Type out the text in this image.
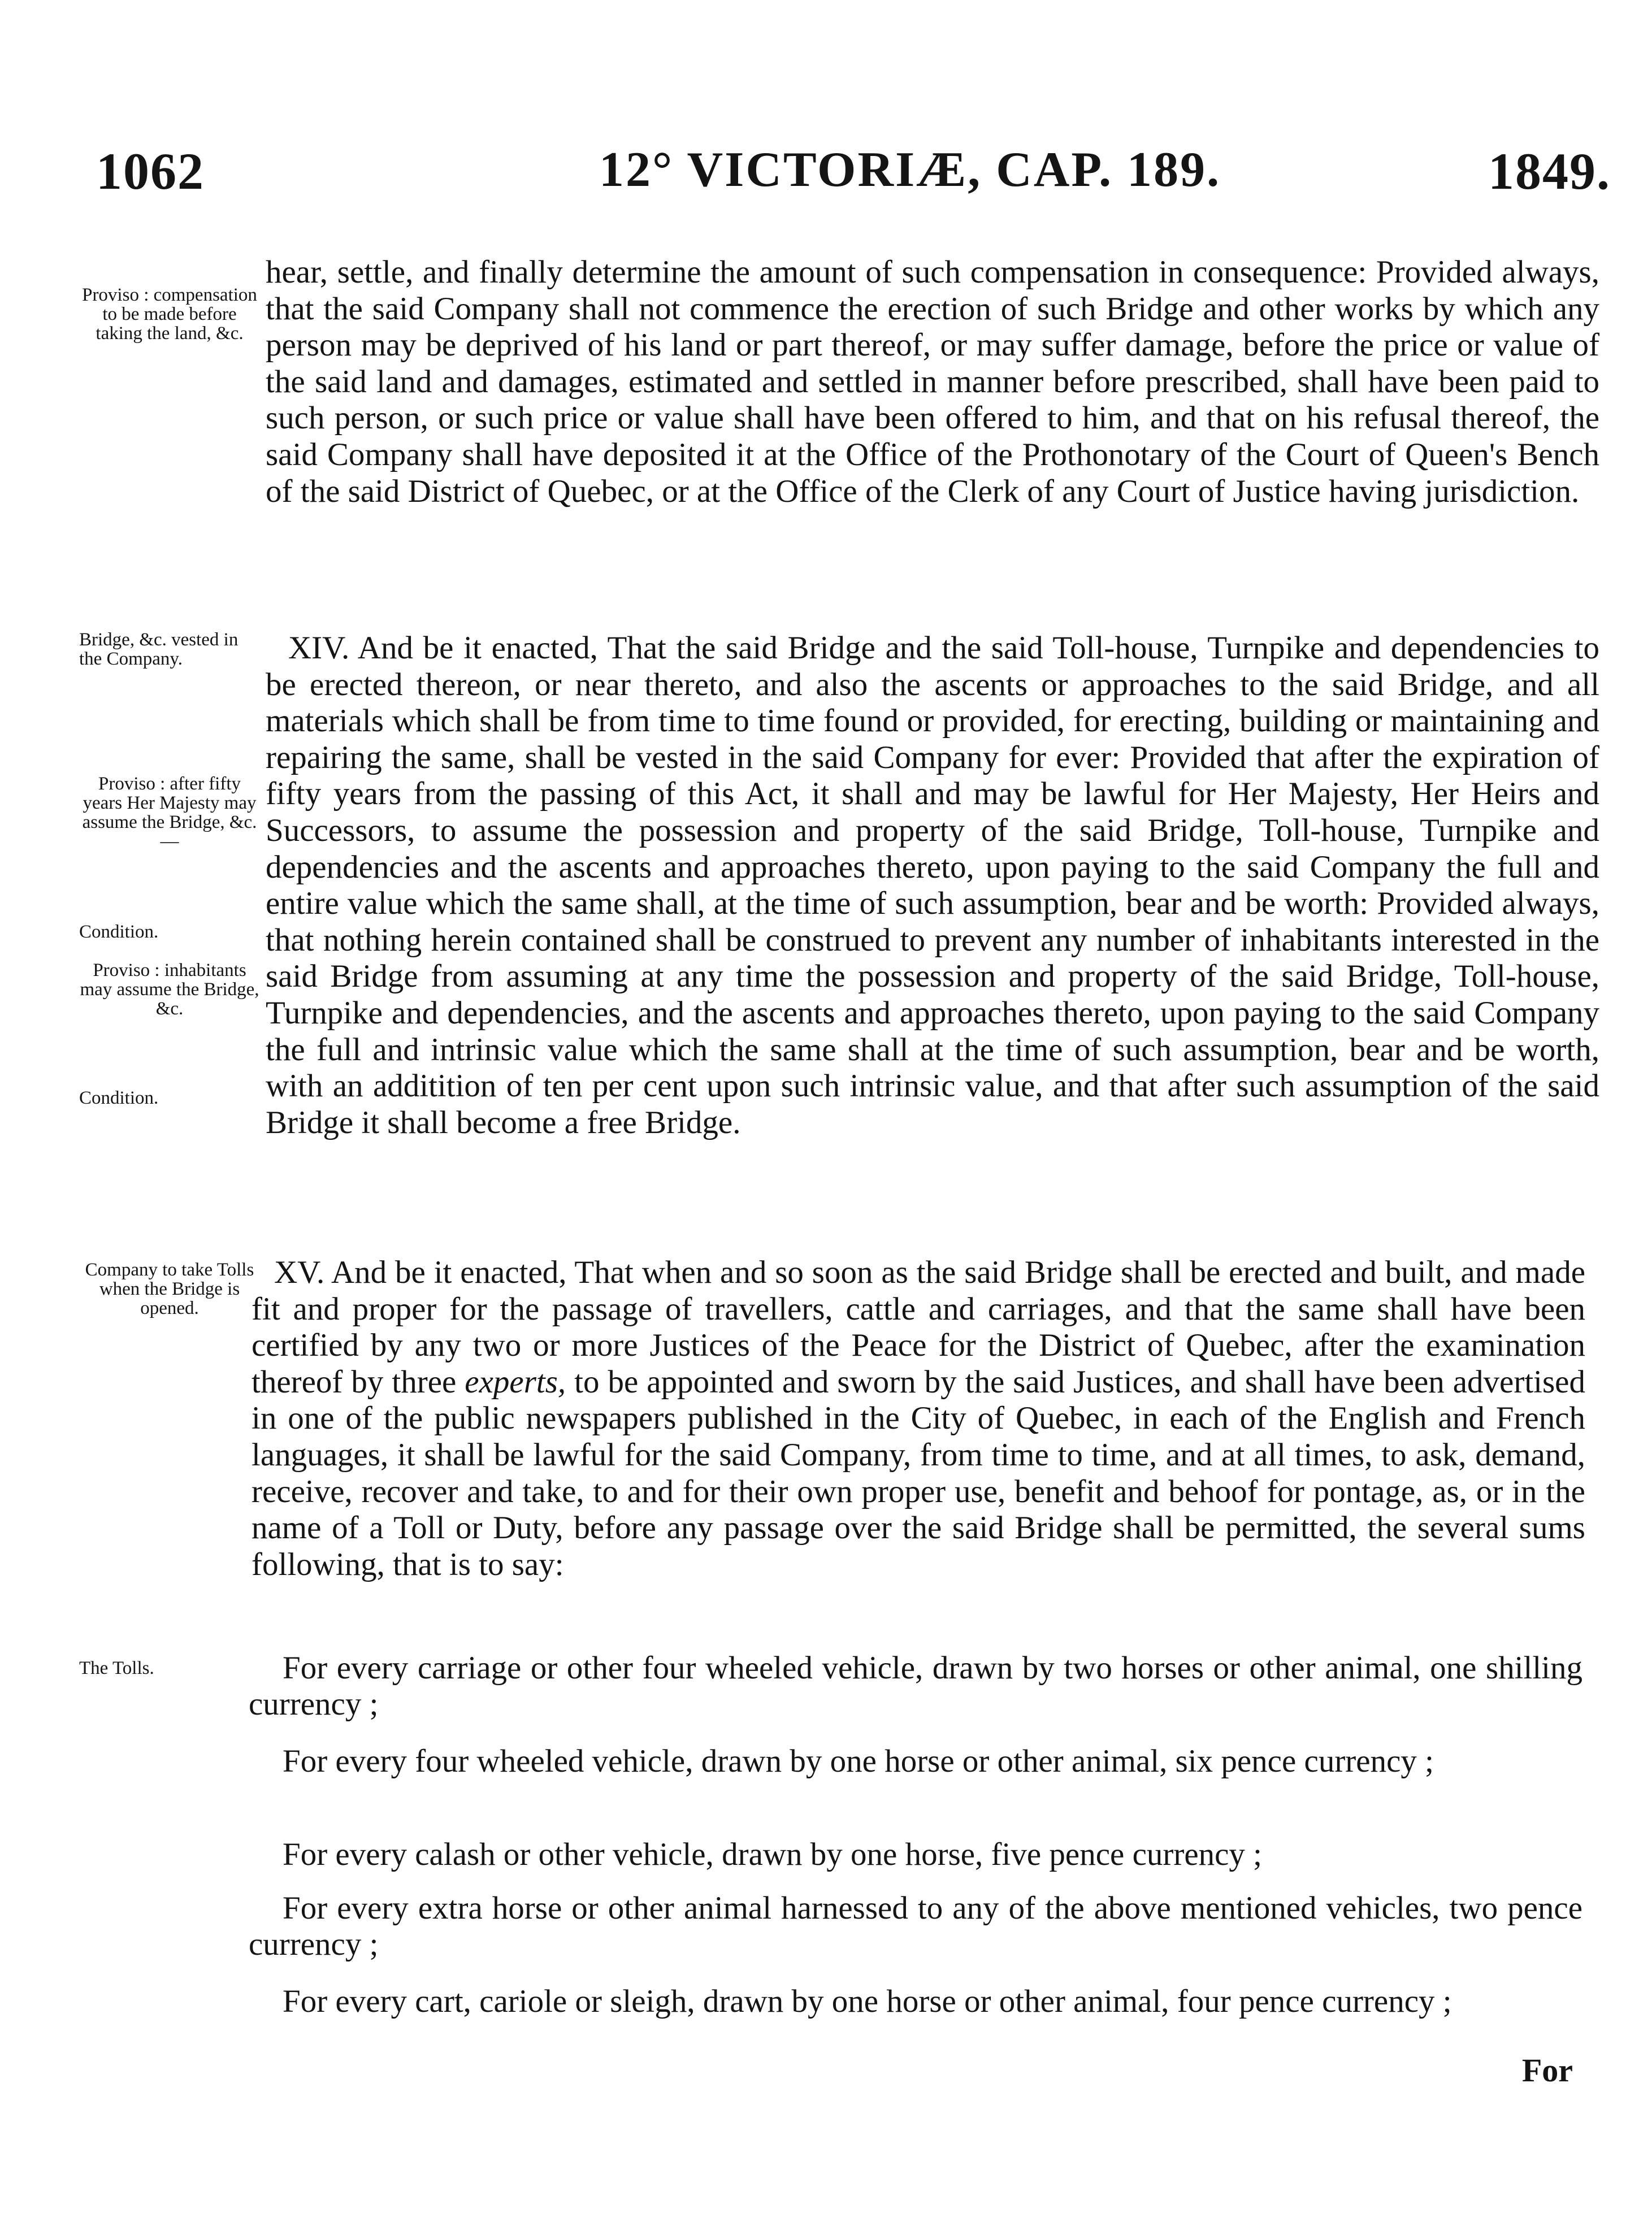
1062	12° VICTORIÆ, CAP. 189.	1849.
Proviso : compensation to be made before taking the land, &c.
Bridge, &c. vested in the Company.
Proviso : after fifty years Her Majesty may assume the Bridge, &c.—
Condition.
Proviso : inhabitants may assume the Bridge, &c.
Condition.
Company to take Tolls when the Bridge is opened.
The Tolls.

hear, settle, and finally determine the amount of such compensation in consequence: Provided always, that the said Company shall not commence the erection of such Bridge and other works by which any person may be deprived of his land or part thereof, or may suffer damage, before the price or value of the said land and damages, estimated and settled in manner before prescribed, shall have been paid to such person, or such price or value shall have been offered to him, and that on his refusal thereof, the said Company shall have deposited it at the Office of the Prothonotary of the Court of Queen's Bench of the said District of Quebec, or at the Office of the Clerk of any Court of Justice having jurisdiction.

XIV. And be it enacted, That the said Bridge and the said Toll-house, Turnpike and dependencies to be erected thereon, or near thereto, and also the ascents or approaches to the said Bridge, and all materials which shall be from time to time found or provided, for erecting, building or maintaining and repairing the same, shall be vested in the said Company for ever: Provided that after the expiration of fifty years from the passing of this Act, it shall and may be lawful for Her Majesty, Her Heirs and Successors, to assume the possession and property of the said Bridge, Toll-house, Turnpike and dependencies and the ascents and approaches thereto, upon paying to the said Company the full and entire value which the same shall, at the time of such assumption, bear and be worth: Provided always, that nothing herein contained shall be construed to prevent any number of inhabitants interested in the said Bridge from assuming at any time the possession and property of the said Bridge, Toll-house, Turnpike and dependencies, and the ascents and approaches thereto, upon paying to the said Company the full and intrinsic value which the same shall at the time of such assumption, bear and be worth, with an additition of ten per cent upon such intrinsic value, and that after such assumption of the said Bridge it shall become a free Bridge.

XV. And be it enacted, That when and so soon as the said Bridge shall be erected and built, and made fit and proper for the passage of travellers, cattle and carriages, and that the same shall have been certified by any two or more Justices of the Peace for the District of Quebec, after the examination thereof by three experts, to be appointed and sworn by the said Justices, and shall have been advertised in one of the public newspapers published in the City of Quebec, in each of the English and French languages, it shall be lawful for the said Company, from time to time, and at all times, to ask, demand, receive, recover and take, to and for their own proper use, benefit and behoof for pontage, as, or in the name of a Toll or Duty, before any passage over the said Bridge shall be permitted, the several sums following, that is to say:

For every carriage or other four wheeled vehicle, drawn by two horses or other animal, one shilling currency ;
For every four wheeled vehicle, drawn by one horse or other animal, six pence currency ;
For every calash or other vehicle, drawn by one horse, five pence currency ;
For every extra horse or other animal harnessed to any of the above mentioned vehicles, two pence currency ;
For every cart, cariole or sleigh, drawn by one horse or other animal, four pence currency ;
For
